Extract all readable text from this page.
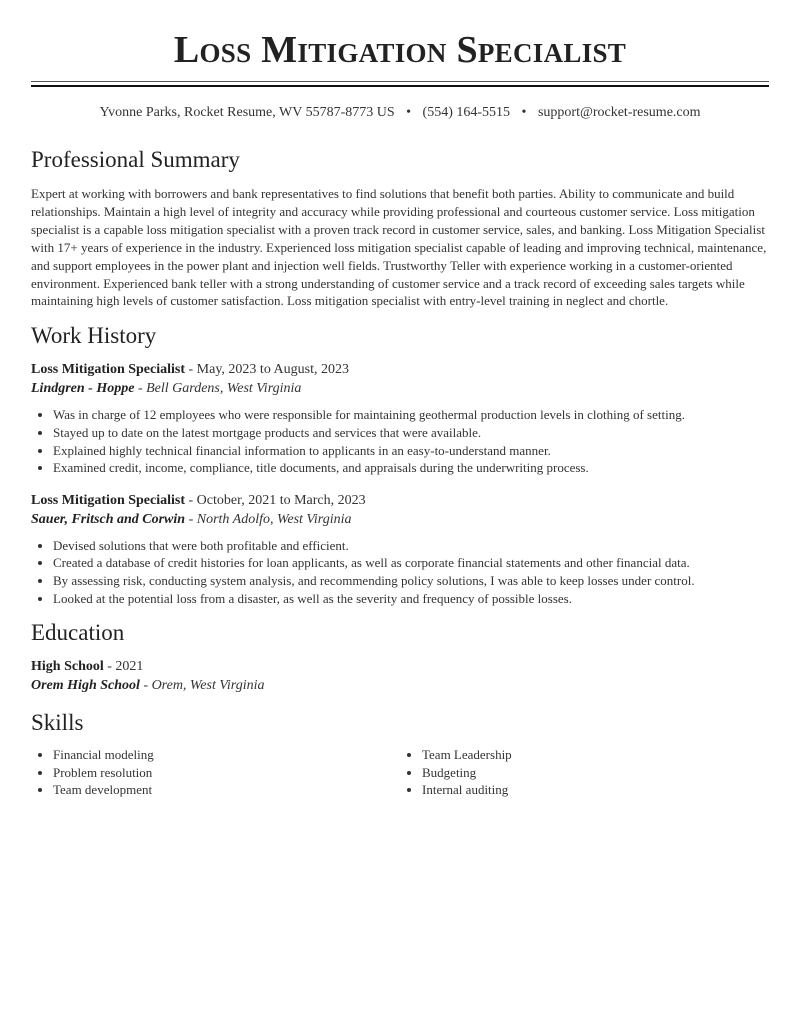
Loss Mitigation Specialist
Yvonne Parks, Rocket Resume, WV 55787-8773 US • (554) 164-5515 • support@rocket-resume.com
Professional Summary
Expert at working with borrowers and bank representatives to find solutions that benefit both parties. Ability to communicate and build relationships. Maintain a high level of integrity and accuracy while providing professional and courteous customer service. Loss mitigation specialist is a capable loss mitigation specialist with a proven track record in customer service, sales, and banking. Loss Mitigation Specialist with 17+ years of experience in the industry. Experienced loss mitigation specialist capable of leading and improving technical, maintenance, and support employees in the power plant and injection well fields. Trustworthy Teller with experience working in a customer-oriented environment. Experienced bank teller with a strong understanding of customer service and a track record of exceeding sales targets while maintaining high levels of customer satisfaction. Loss mitigation specialist with entry-level training in neglect and chortle.
Work History
Loss Mitigation Specialist - May, 2023 to August, 2023
Lindgren - Hoppe - Bell Gardens, West Virginia
• Was in charge of 12 employees who were responsible for maintaining geothermal production levels in clothing of setting.
• Stayed up to date on the latest mortgage products and services that were available.
• Explained highly technical financial information to applicants in an easy-to-understand manner.
• Examined credit, income, compliance, title documents, and appraisals during the underwriting process.
Loss Mitigation Specialist - October, 2021 to March, 2023
Sauer, Fritsch and Corwin - North Adolfo, West Virginia
• Devised solutions that were both profitable and efficient.
• Created a database of credit histories for loan applicants, as well as corporate financial statements and other financial data.
• By assessing risk, conducting system analysis, and recommending policy solutions, I was able to keep losses under control.
• Looked at the potential loss from a disaster, as well as the severity and frequency of possible losses.
Education
High School - 2021
Orem High School - Orem, West Virginia
Skills
• Financial modeling
• Problem resolution
• Team development
• Team Leadership
• Budgeting
• Internal auditing
